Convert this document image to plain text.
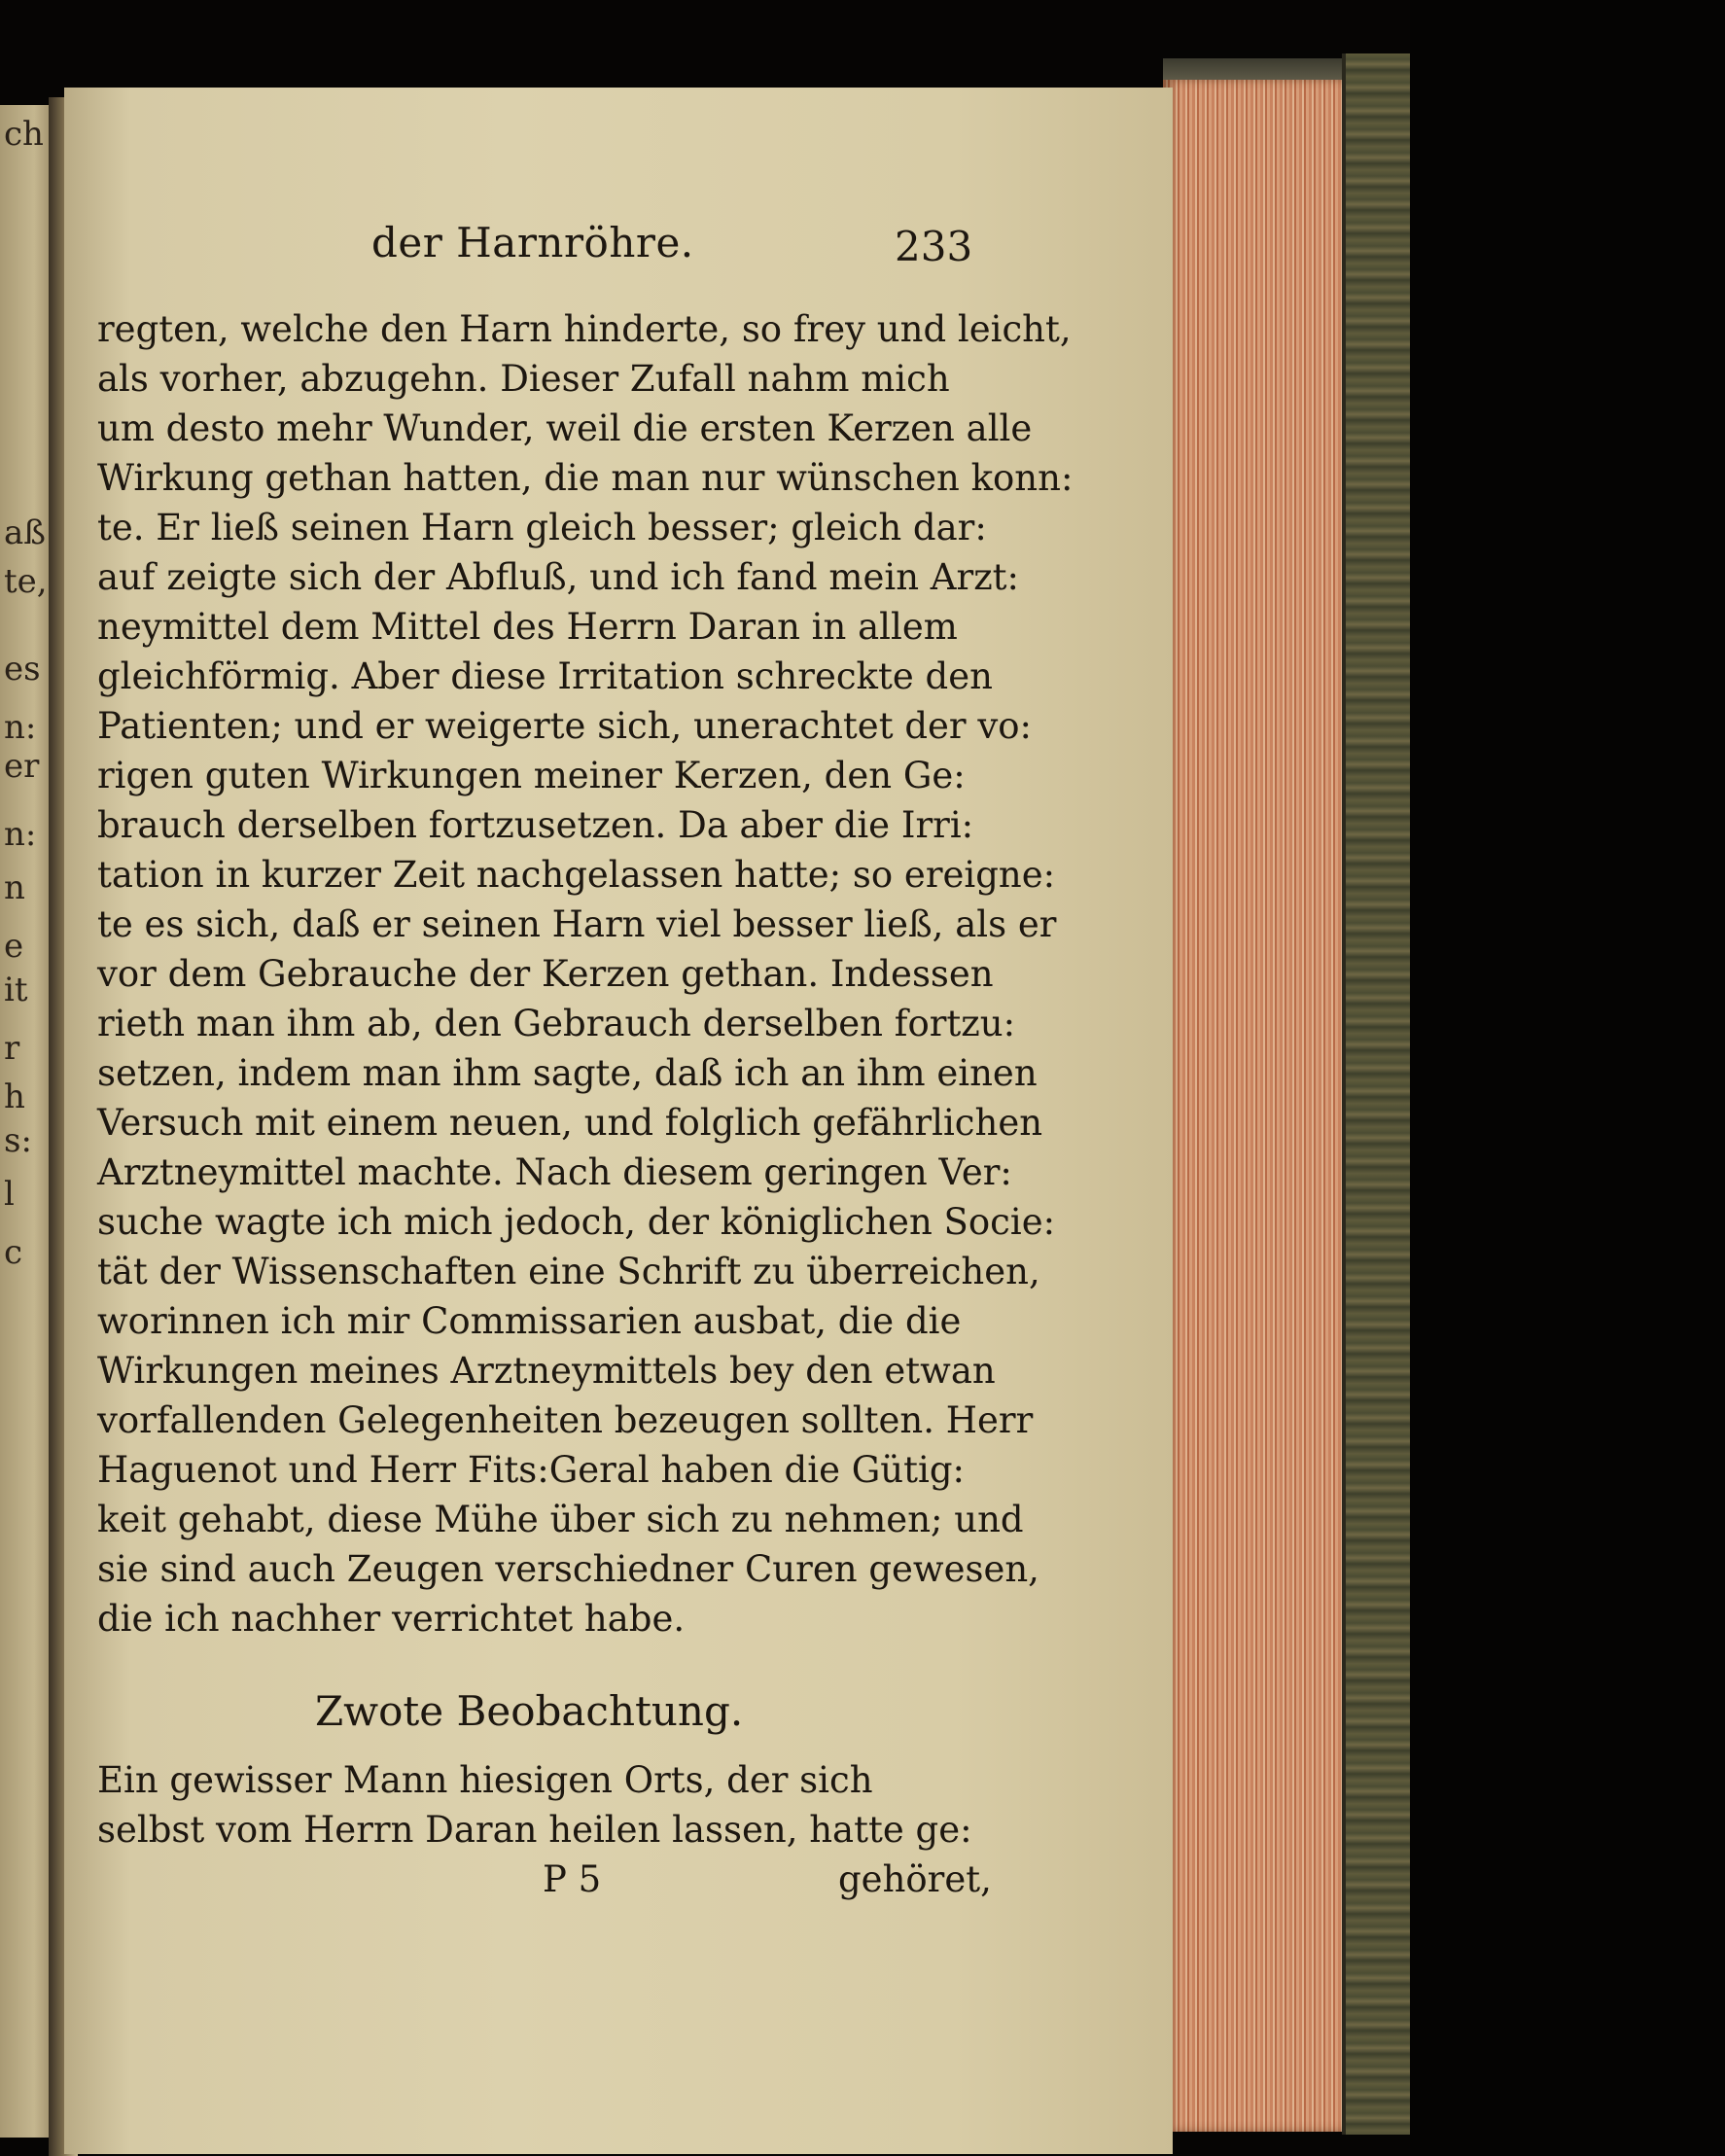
ch
aß
te,
es
n:
er
n:
n
e
it
r
h
s:
l
c
der Harnröhre.	233
regten, welche den Harn hinderte, so frey und leicht,
als vorher, abzugehn. Dieser Zufall nahm mich
um desto mehr Wunder, weil die ersten Kerzen alle
Wirkung gethan hatten, die man nur wünschen konn:
te. Er ließ seinen Harn gleich besser; gleich dar:
auf zeigte sich der Abfluß, und ich fand mein Arzt:
neymittel dem Mittel des Herrn Daran in allem
gleichförmig. Aber diese Irritation schreckte den
Patienten; und er weigerte sich, unerachtet der vo:
rigen guten Wirkungen meiner Kerzen, den Ge:
brauch derselben fortzusetzen. Da aber die Irri:
tation in kurzer Zeit nachgelassen hatte; so ereigne:
te es sich, daß er seinen Harn viel besser ließ, als er
vor dem Gebrauche der Kerzen gethan. Indessen
rieth man ihm ab, den Gebrauch derselben fortzu:
setzen, indem man ihm sagte, daß ich an ihm einen
Versuch mit einem neuen, und folglich gefährlichen
Arztneymittel machte. Nach diesem geringen Ver:
suche wagte ich mich jedoch, der königlichen Socie:
tät der Wissenschaften eine Schrift zu überreichen,
worinnen ich mir Commissarien ausbat, die die
Wirkungen meines Arztneymittels bey den etwan
vorfallenden Gelegenheiten bezeugen sollten. Herr
Haguenot und Herr Fits:Geral haben die Gütig:
keit gehabt, diese Mühe über sich zu nehmen; und
sie sind auch Zeugen verschiedner Curen gewesen,
die ich nachher verrichtet habe.
Zwote Beobachtung.
Ein gewisser Mann hiesigen Orts, der sich
selbst vom Herrn Daran heilen lassen, hatte ge:
P 5	gehöret,
